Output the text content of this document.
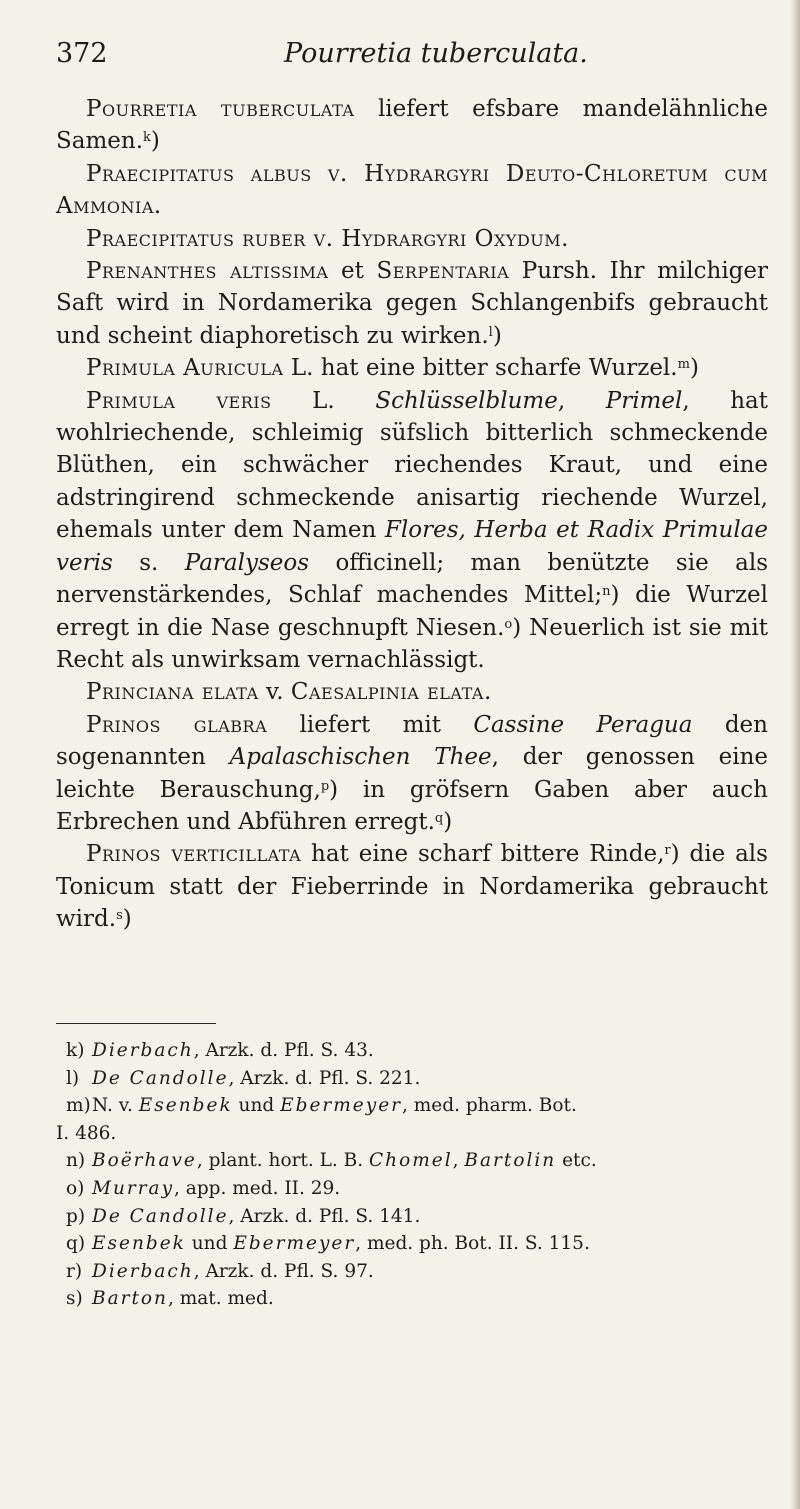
372	Pourretia tuberculata.

Pourretia tuberculata liefert efsbare mandelähnliche Samen.$^k$)

Praecipitatus albus v. Hydrargyri Deuto-Chloretum cum Ammonia.

Praecipitatus ruber v. Hydrargyri Oxydum.

Prenanthes altissima et Serpentaria Pursh. Ihr milchiger Saft wird in Nordamerika gegen Schlangenbifs gebraucht und scheint diaphoretisch zu wirken.$^l$)

Primula Auricula L. hat eine bitter scharfe Wurzel.$^m$)

Primula veris L. Schlüsselblume, Primel, hat wohlriechende, schleimig süfslich bitterlich schmeckende Blüthen, ein schwächer riechendes Kraut, und eine adstringirend schmeckende anisartig riechende Wurzel, ehemals unter dem Namen Flores, Herba et Radix Primulae veris s. Paralyseos officinell; man benützte sie als nervenstärkendes, Schlaf machendes Mittel;$^n$) die Wurzel erregt in die Nase geschnupft Niesen.$^o$) Neuerlich ist sie mit Recht als unwirksam vernachlässigt.

Princiana elata v. Caesalpinia elata.

Prinos glabra liefert mit Cassine Peragua den sogenannten Apalaschischen Thee, der genossen eine leichte Berauschung,$^p$) in gröfsern Gaben aber auch Erbrechen und Abführen erregt.$^q$)

Prinos verticillata hat eine scharf bittere Rinde,$^r$) die als Tonicum statt der Fieberrinde in Nordamerika gebraucht wird.$^s$)

k) Dierbach, Arzk. d. Pfl. S. 43.

l) De Candolle, Arzk. d. Pfl. S. 221.

m)N. v. Esenbek und Ebermeyer, med. pharm. Bot.

I. 486.

n) Boërhave, plant. hort. L. B. Chomel, Bartolin etc.

o) Murray, app. med. II. 29.

p) De Candolle, Arzk. d. Pfl. S. 141.

q) Esenbek und Ebermeyer, med. ph. Bot. II. S. 115.

r) Dierbach, Arzk. d. Pfl. S. 97.

s) Barton, mat. med.
